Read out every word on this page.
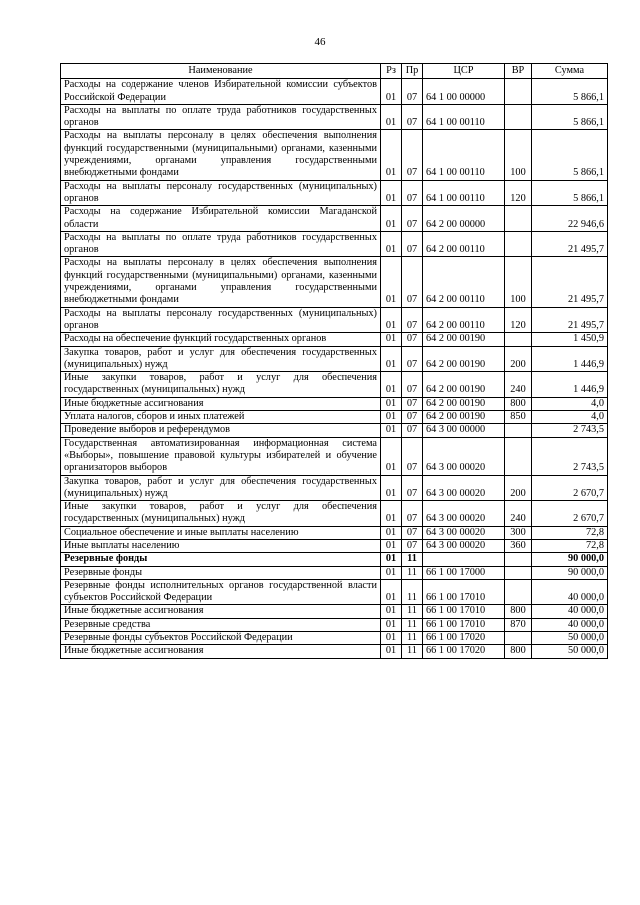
46
Наименование	Рз	Пр	ЦСР	ВР	Сумма
Расходы на содержание членов Избирательной комиссии субъектов Российской Федерации	01	07	64 1 00 00000		5 866,1
Расходы на выплаты по оплате труда работников государственных органов	01	07	64 1 00 00110		5 866,1
Расходы на выплаты персоналу в целях обеспечения выполнения функций государственными (муниципальными) органами, казенными учреждениями, органами управления государственными внебюджетными фондами	01	07	64 1 00 00110	100	5 866,1
Расходы на выплаты персоналу государственных (муниципальных) органов	01	07	64 1 00 00110	120	5 866,1
Расходы на содержание Избирательной комиссии Магаданской области	01	07	64 2 00 00000		22 946,6
Расходы на выплаты по оплате труда работников государственных органов	01	07	64 2 00 00110		21 495,7
Расходы на выплаты персоналу в целях обеспечения выполнения функций государственными (муниципальными) органами, казенными учреждениями, органами управления государственными внебюджетными фондами	01	07	64 2 00 00110	100	21 495,7
Расходы на выплаты персоналу государственных (муниципальных) органов	01	07	64 2 00 00110	120	21 495,7
Расходы на обеспечение функций государственных органов	01	07	64 2 00 00190		1 450,9
Закупка товаров, работ и услуг для обеспечения государственных (муниципальных) нужд	01	07	64 2 00 00190	200	1 446,9
Иные закупки товаров, работ и услуг для обеспечения государственных (муниципальных) нужд	01	07	64 2 00 00190	240	1 446,9
Иные бюджетные ассигнования	01	07	64 2 00 00190	800	4,0
Уплата налогов, сборов и иных платежей	01	07	64 2 00 00190	850	4,0
Проведение выборов и референдумов	01	07	64 3 00 00000		2 743,5
Государственная автоматизированная информационная система «Выборы», повышение правовой культуры избирателей и обучение организаторов выборов	01	07	64 3 00 00020		2 743,5
Закупка товаров, работ и услуг для обеспечения государственных (муниципальных) нужд	01	07	64 3 00 00020	200	2 670,7
Иные закупки товаров, работ и услуг для обеспечения государственных (муниципальных) нужд	01	07	64 3 00 00020	240	2 670,7
Социальное обеспечение и иные выплаты населению	01	07	64 3 00 00020	300	72,8
Иные выплаты населению	01	07	64 3 00 00020	360	72,8
Резервные фонды	01	11			90 000,0
Резервные фонды	01	11	66 1 00 17000		90 000,0
Резервные фонды исполнительных органов государственной власти субъектов Российской Федерации	01	11	66 1 00 17010		40 000,0
Иные бюджетные ассигнования	01	11	66 1 00 17010	800	40 000,0
Резервные средства	01	11	66 1 00 17010	870	40 000,0
Резервные фонды субъектов Российской Федерации	01	11	66 1 00 17020		50 000,0
Иные бюджетные ассигнования	01	11	66 1 00 17020	800	50 000,0
